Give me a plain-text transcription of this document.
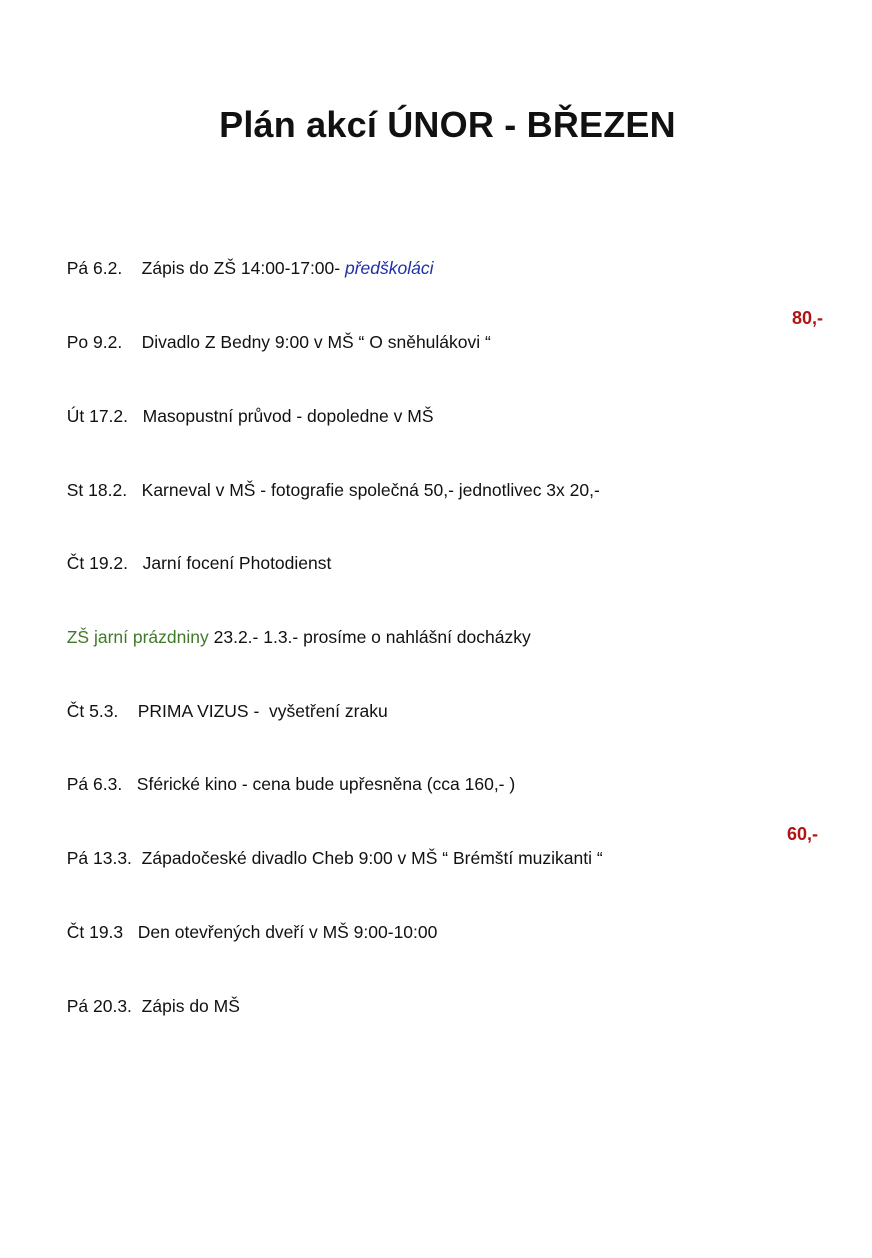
Plán akcí ÚNOR - BŘEZEN

Pá 6.2. Zápis do ZŠ 14:00-17:00- předškoláci

Po 9.2. Divadlo Z Bedny 9:00 v MŠ “ O sněhulákovi “

80,-

Út 17.2. Masopustní průvod - dopoledne v MŠ

St 18.2. Karneval v MŠ - fotografie společná 50,- jednotlivec 3x 20,-

Čt 19.2. Jarní focení Photodienst

ZŠ jarní prázdniny 23.2.- 1.3.- prosíme o nahlášní docházky

Čt 5.3. PRIMA VIZUS -  vyšetření zraku

Pá 6.3. Sférické kino - cena bude upřesněna (cca 160,- )

Pá 13.3. Západočeské divadlo Cheb 9:00 v MŠ “ Brémští muzikanti “

60,-

Čt 19.3 Den otevřených dveří v MŠ 9:00-10:00

Pá 20.3. Zápis do MŠ
